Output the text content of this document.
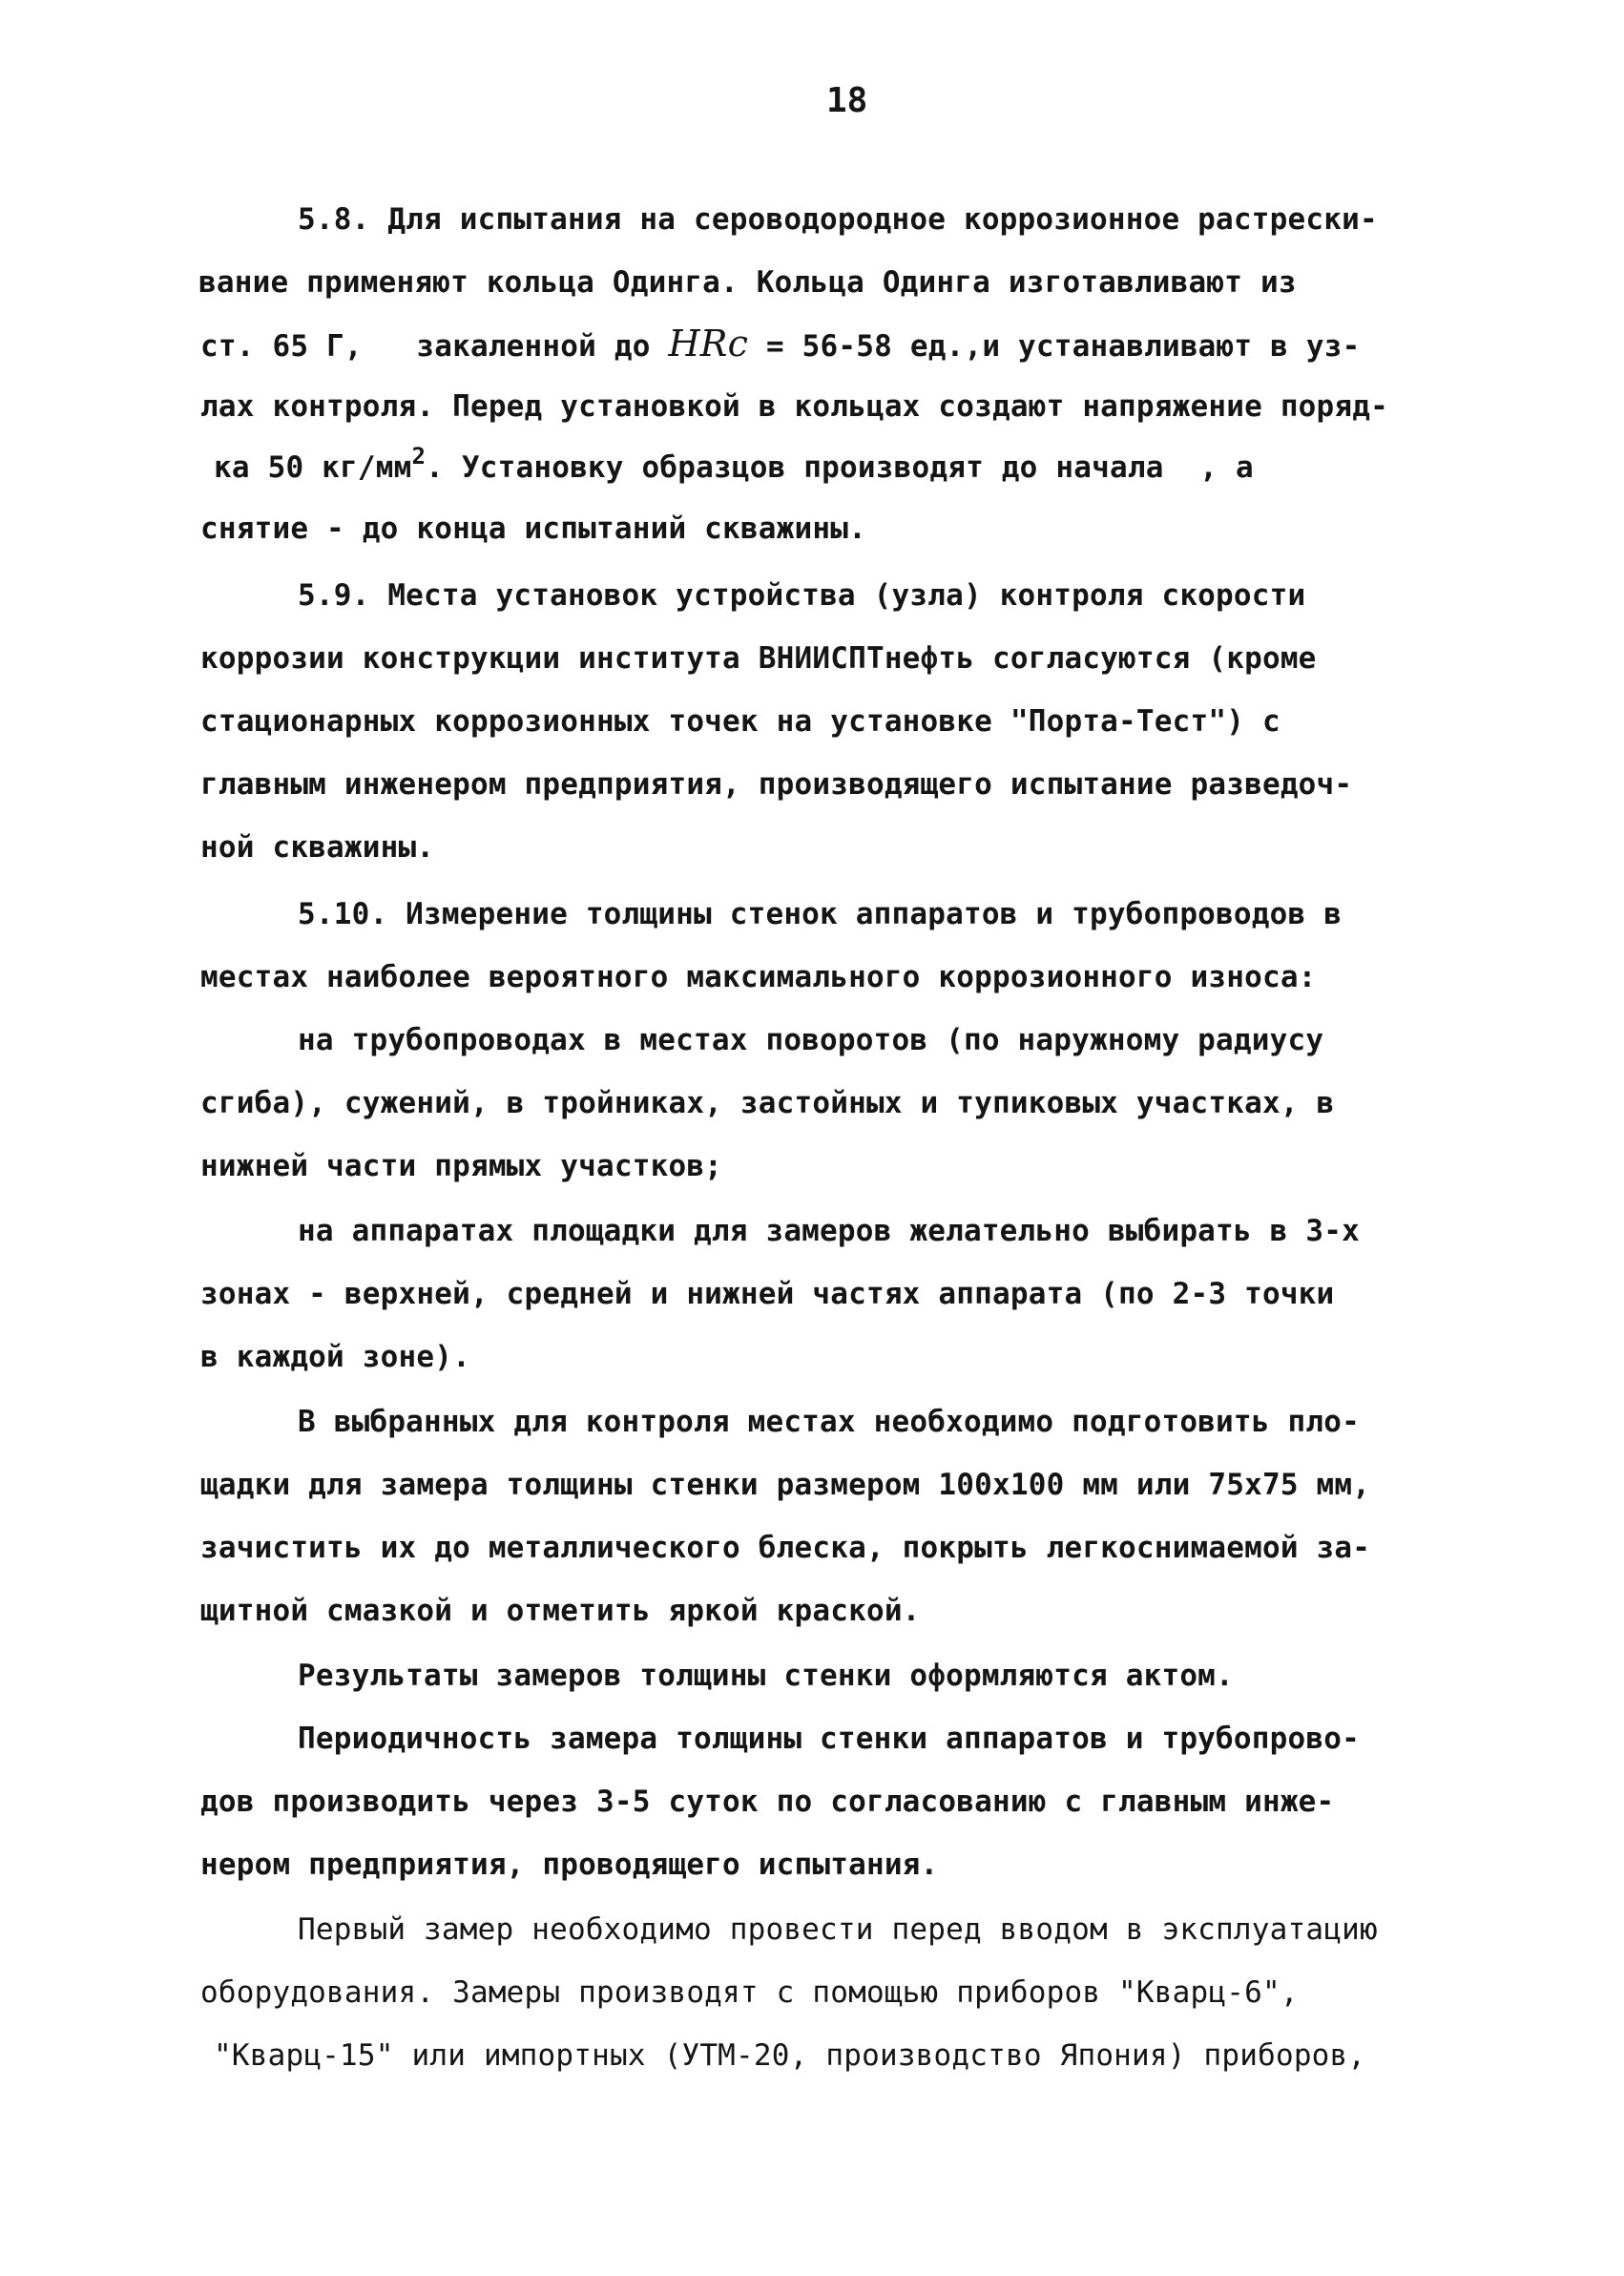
18
5.8. Для испытания на сероводородное коррозионное растрески-
вание применяют кольца Одинга. Кольца Одинга изготавливают из
ст. 65 Г,   закаленной до HRc = 56-58 ед.,и устанавливают в уз-
лах контроля. Перед установкой в кольцах создают напряжение поряд-
ка 50 $кг/мм^2$. Установку образцов производят до начала  , а
снятие - до конца испытаний скважины.
5.9. Места установок устройства (узла) контроля скорости
коррозии конструкции института ВНИИСПТнефть согласуются (кроме
стационарных коррозионных точек на установке "Порта-Тест") с
главным инженером предприятия, производящего испытание разведоч-
ной скважины.
5.10. Измерение толщины стенок аппаратов и трубопроводов в
местах наиболее вероятного максимального коррозионного износа:
на трубопроводах в местах поворотов (по наружному радиусу
сгиба), сужений, в тройниках, застойных и тупиковых участках, в
нижней части прямых участков;
на аппаратах площадки для замеров желательно выбирать в 3-х
зонах - верхней, средней и нижней частях аппарата (по 2-3 точки
в каждой зоне).
В выбранных для контроля местах необходимо подготовить пло-
щадки для замера толщины стенки размером 100х100 мм или 75х75 мм,
зачистить их до металлического блеска, покрыть легкоснимаемой за-
щитной смазкой и отметить яркой краской.
Результаты замеров толщины стенки оформляются актом.
Периодичность замера толщины стенки аппаратов и трубопрово-
дов производить через 3-5 суток по согласованию с главным инже-
нером предприятия, проводящего испытания.
Первый замер необходимо провести перед вводом в эксплуатацию
оборудования. Замеры производят с помощью приборов "Кварц-6",
"Кварц-15" или импортных (УТМ-20, производство Япония) приборов,
